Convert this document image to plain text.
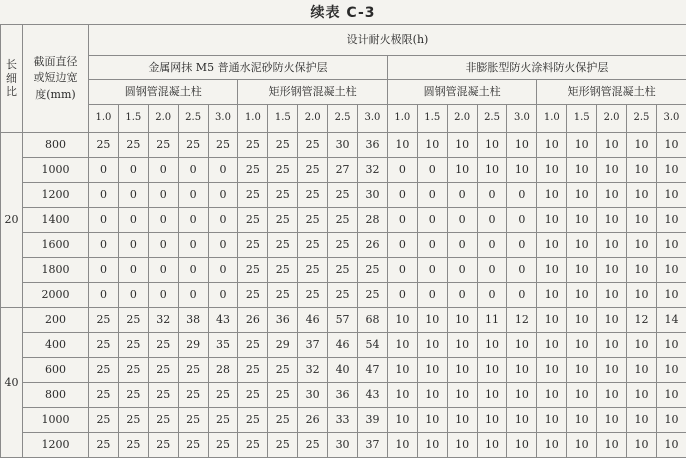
续表 C-3
长细比	截面直径或短边宽度(mm)	设计耐火极限(h)																			
		金属网抹 M5 普通水泥砂防火保护层										非膨胀型防火涂料防火保护层									
		圆钢管混凝土柱					矩形钢管混凝土柱					圆钢管混凝土柱					矩形钢管混凝土柱				
		1.0	1.5	2.0	2.5	3.0	1.0	1.5	2.0	2.5	3.0	1.0	1.5	2.0	2.5	3.0	1.0	1.5	2.0	2.5	3.0
20	800	25	25	25	25	25	25	25	25	30	36	10	10	10	10	10	10	10	10	10	10
	1000	0	0	0	0	0	25	25	25	27	32	0	0	10	10	10	10	10	10	10	10
	1200	0	0	0	0	0	25	25	25	25	30	0	0	0	0	0	10	10	10	10	10
	1400	0	0	0	0	0	25	25	25	25	28	0	0	0	0	0	10	10	10	10	10
	1600	0	0	0	0	0	25	25	25	25	26	0	0	0	0	0	10	10	10	10	10
	1800	0	0	0	0	0	25	25	25	25	25	0	0	0	0	0	10	10	10	10	10
	2000	0	0	0	0	0	25	25	25	25	25	0	0	0	0	0	10	10	10	10	10
40	200	25	25	32	38	43	26	36	46	57	68	10	10	10	11	12	10	10	10	12	14
	400	25	25	25	29	35	25	29	37	46	54	10	10	10	10	10	10	10	10	10	10
	600	25	25	25	25	28	25	25	32	40	47	10	10	10	10	10	10	10	10	10	10
	800	25	25	25	25	25	25	25	30	36	43	10	10	10	10	10	10	10	10	10	10
	1000	25	25	25	25	25	25	25	26	33	39	10	10	10	10	10	10	10	10	10	10
	1200	25	25	25	25	25	25	25	25	30	37	10	10	10	10	10	10	10	10	10	10
